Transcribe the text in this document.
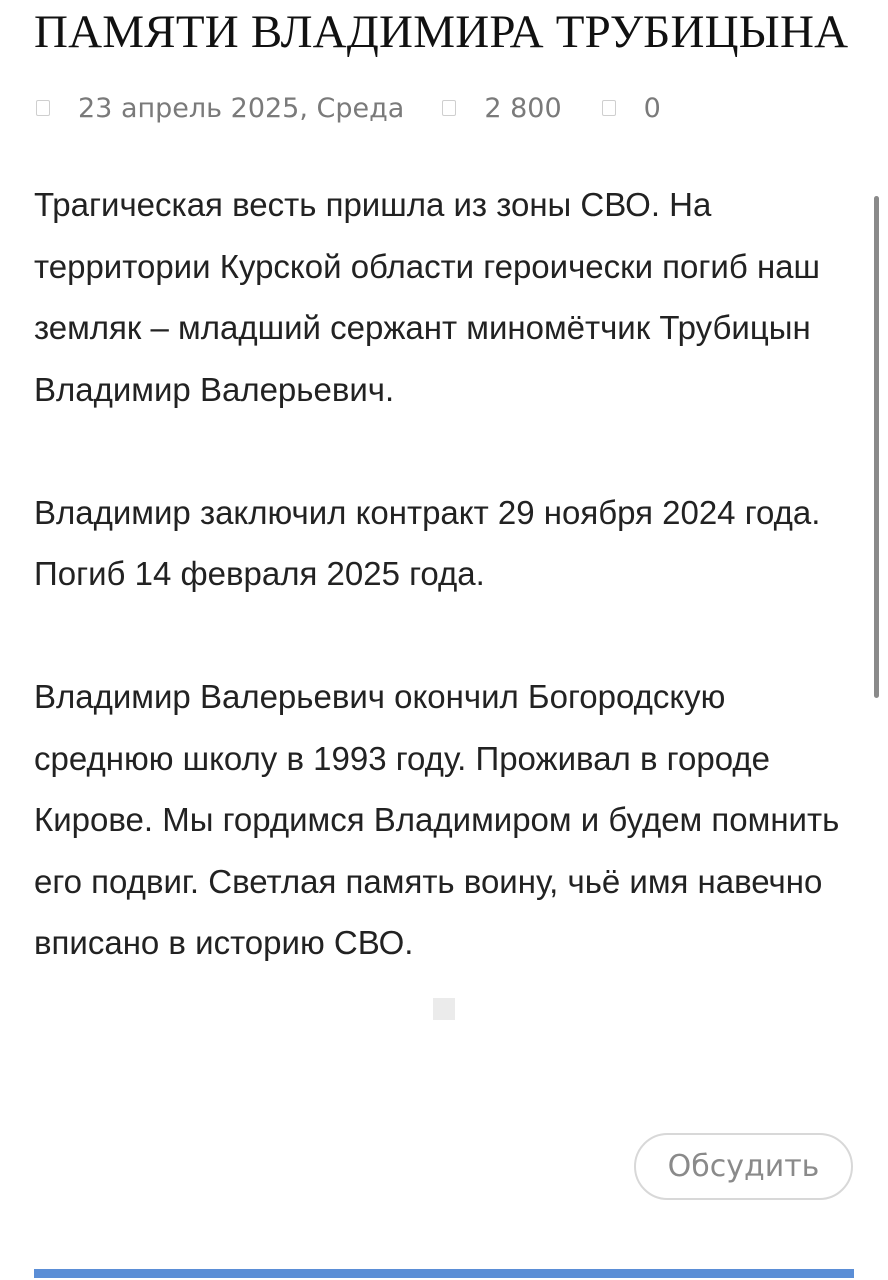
ПАМЯТИ ВЛАДИМИРА ТРУБИЦЫНА
23 апрель 2025, Среда	2 800	0

Трагическая весть пришла из зоны СВО. На территории Курской области героически погиб наш земляк – младший сержант миномётчик Трубицын Владимир Валерьевич.

Владимир заключил контракт 29 ноября 2024 года. Погиб 14 февраля 2025 года.

Владимир Валерьевич окончил Богородскую среднюю школу в 1993 году. Проживал в городе Кирове. Мы гордимся Владимиром и будем помнить его подвиг. Светлая память воину, чьё имя навечно вписано в историю СВО.

Обсудить
